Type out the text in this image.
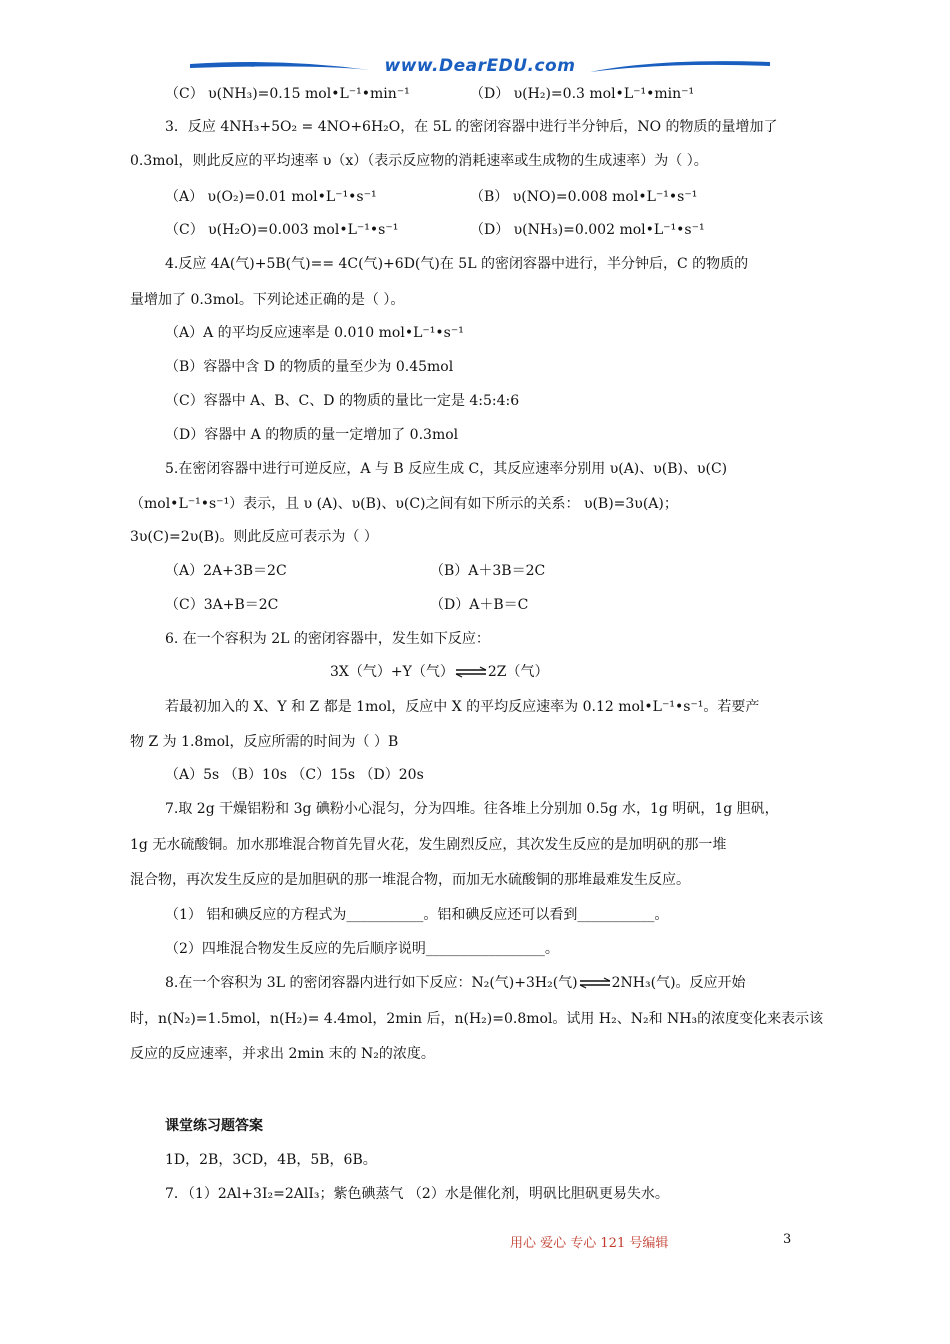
www.DearEDU.com
（C） υ(NH₃)=0.15 mol•L⁻¹•min⁻¹	（D） υ(H₂)=0.3 mol•L⁻¹•min⁻¹
3．反应 4NH₃+5O₂ = 4NO+6H₂O，在 5L 的密闭容器中进行半分钟后，NO 的物质的量增加了
0.3mol，则此反应的平均速率 υ（x）（表示反应物的消耗速率或生成物的生成速率）为（ ）。
（A） υ(O₂)=0.01 mol•L⁻¹•s⁻¹	（B） υ(NO)=0.008 mol•L⁻¹•s⁻¹
（C） υ(H₂O)=0.003 mol•L⁻¹•s⁻¹	（D） υ(NH₃)=0.002 mol•L⁻¹•s⁻¹
4.反应 4A(气)+5B(气)== 4C(气)+6D(气)在 5L 的密闭容器中进行，半分钟后，C 的物质的
量增加了 0.3mol。下列论述正确的是（ ）。
（A）A 的平均反应速率是 0.010 mol•L⁻¹•s⁻¹
（B）容器中含 D 的物质的量至少为 0.45mol
（C）容器中 A、B、C、D 的物质的量比一定是 4:5:4:6
（D）容器中 A 的物质的量一定增加了 0.3mol
5.在密闭容器中进行可逆反应，A 与 B 反应生成 C，其反应速率分别用 υ(A)、υ(B)、υ(C)
（mol•L⁻¹•s⁻¹）表示，且 υ (A)、υ(B)、υ(C)之间有如下所示的关系： υ(B)=3υ(A)；
3υ(C)=2υ(B)。则此反应可表示为（ ）
（A）2A+3B＝2C	（B）A＋3B＝2C
（C）3A+B＝2C	（D）A＋B＝C
6. 在一个容积为 2L 的密闭容器中，发生如下反应：
3X（气）+Y（气）⇌2Z（气）
若最初加入的 X、Y 和 Z 都是 1mol，反应中 X 的平均反应速率为 0.12 mol•L⁻¹•s⁻¹。若要产
物 Z 为 1.8mol，反应所需的时间为（ ）B
（A）5s （B）10s （C）15s （D）20s
7.取 2g 干燥铝粉和 3g 碘粉小心混匀，分为四堆。往各堆上分别加 0.5g 水，1g 明矾，1g 胆矾，
1g 无水硫酸铜。加水那堆混合物首先冒火花，发生剧烈反应，其次发生反应的是加明矾的那一堆
混合物，再次发生反应的是加胆矾的那一堆混合物，而加无水硫酸铜的那堆最难发生反应。
（1） 铝和碘反应的方程式为___________。铝和碘反应还可以看到___________。
（2）四堆混合物发生反应的先后顺序说明_________________。
8.在一个容积为 3L 的密闭容器内进行如下反应：N₂(气)+3H₂(气)⇌2NH₃(气)。反应开始
时，n(N₂)=1.5mol，n(H₂)= 4.4mol，2min 后，n(H₂)=0.8mol。试用 H₂、N₂和 NH₃的浓度变化来表示该
反应的反应速率，并求出 2min 末的 N₂的浓度。
课堂练习题答案
1D，2B，3CD，4B，5B，6B。
7．（1）2Al+3I₂=2AlI₃；紫色碘蒸气 （2）水是催化剂，明矾比胆矾更易失水。
用心 爱心 专心 121 号编辑	3
